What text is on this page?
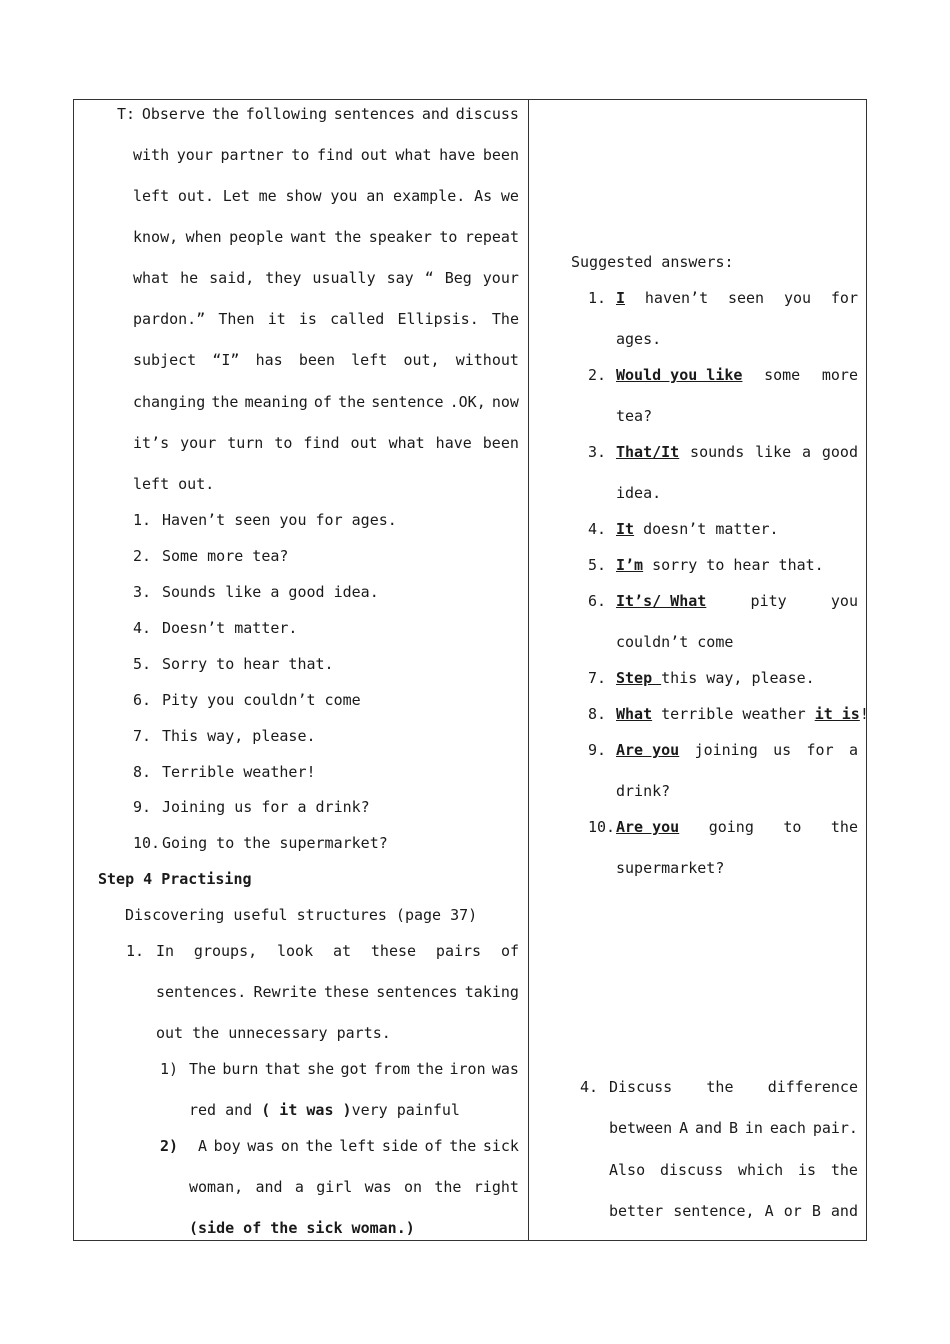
T: Observe the following sentences and discuss
with your partner to find out what have been
left out. Let me show you an example. As we
know, when people want the speaker to repeat
what he said, they usually say “ Beg your
pardon.” Then it is called Ellipsis. The
subject “I” has been left out, without
changing the meaning of the sentence .OK, now
it’s your turn to find out what have been
left out.
1. Haven’t seen you for ages.
2. Some more tea?
3. Sounds like a good idea.
4. Doesn’t matter.
5. Sorry to hear that.
6. Pity you couldn’t come
7. This way, please.
8. Terrible weather!
9. Joining us for a drink?
10. Going to the supermarket?
Step 4 Practising
Discovering useful structures (page 37)
1. In groups, look at these pairs of
sentences. Rewrite these sentences taking
out the unnecessary parts.
1) The burn that she got from the iron was
red and ( it was )very painful
2) A boy was on the left side of the sick
woman, and a girl was on the right
(side of the sick woman.)
Suggested answers:
1. I haven’t seen you for
ages.
2. Would you like some more
tea?
3. That/It sounds like a good
idea.
4. It doesn’t matter.
5. I’m sorry to hear that.
6. It’s/ What	pity	you
couldn’t come
7. Step this way, please.
8. What terrible weather it is!
9. Are you joining us for a
drink?
10. Are you going to the
supermarket?
4. Discuss the difference
between A and B in each pair.
Also discuss which is the
better sentence, A or B and
